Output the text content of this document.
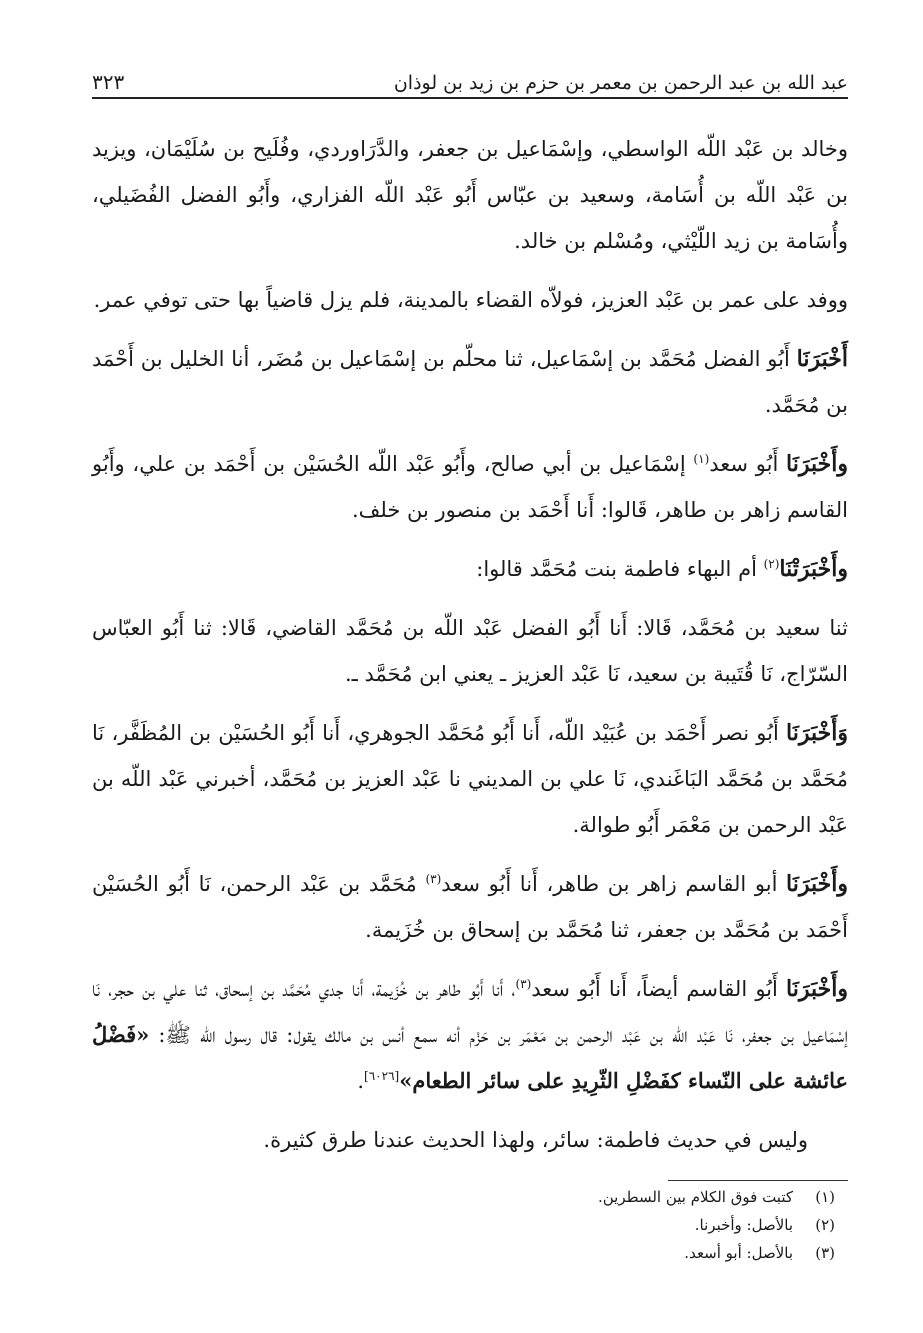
عبد الله بن عبد الرحمن بن معمر بن حزم بن زيد بن لوذان
٣٢٣

وخالد بن عَبْد اللّه الواسطي، وإسْمَاعيل بن جعفر، والدَّرَاوردي، وفُلَيح بن سُلَيْمَان، ويزيد بن عَبْد اللّه بن أُسَامة، وسعيد بن عبّاس أَبُو عَبْد اللّه الفزاري، وأَبُو الفضل الفُضَيلي، وأُسَامة بن زيد اللّيْثي، ومُسْلم بن خالد.

ووفد على عمر بن عَبْد العزيز، فولاّه القضاء بالمدينة، فلم يزل قاضياً بها حتى توفي عمر.

أَخْبَرَنَا أَبُو الفضل مُحَمَّد بن إسْمَاعيل، ثنا محلّم بن إسْمَاعيل بن مُضَر، أنا الخليل بن أَحْمَد بن مُحَمَّد.

وأَخْبَرَنَا أَبُو سعد$^{(١)}$ إسْمَاعيل بن أبي صالح، وأَبُو عَبْد اللّه الحُسَيْن بن أَحْمَد بن علي، وأَبُو القاسم زاهر بن طاهر، قَالوا: أَنا أَحْمَد بن منصور بن خلف.

وأَخْبَرَتْنَا$^{(٢)}$ أم البهاء فاطمة بنت مُحَمَّد قالوا:

ثنا سعيد بن مُحَمَّد، قَالا: أَنا أَبُو الفضل عَبْد اللّه بن مُحَمَّد القاضي، قَالا: ثنا أَبُو العبّاس السّرّاج، نَا قُتَيبة بن سعيد، نَا عَبْد العزيز ـ يعني ابن مُحَمَّد ـ.

وَأَخْبَرَنَا أَبُو نصر أَحْمَد بن عُبَيْد اللّه، أَنا أَبُو مُحَمَّد الجوهري، أَنا أَبُو الحُسَيْن بن المُظَفَّر، نَا مُحَمَّد بن مُحَمَّد البَاغَندي، نَا علي بن المديني نا عَبْد العزيز بن مُحَمَّد، أخبرني عَبْد اللّه بن عَبْد الرحمن بن مَعْمَر أَبُو طوالة.

وأَخْبَرَنَا أبو القاسم زاهر بن طاهر، أَنا أَبُو سعد$^{(٣)}$ مُحَمَّد بن عَبْد الرحمن، نَا أَبُو الحُسَيْن أَحْمَد بن مُحَمَّد بن جعفر، ثنا مُحَمَّد بن إسحاق بن خُزَيمة.

وأَخْبَرَنَا أَبُو القاسم أيضاً، أَنا أَبُو سعد$^{(٣)}$، أَنا أَبُو طاهر بن خُزَيمة، أَنا جدي مُحَمَّد بن إسحاق، ثنا علي بن حجر، نَا إسْمَاعيل بن جعفر، نَا عَبْد اللّه بن عَبْد الرحمن بن مَعْمَر بن حَزْم أنه سمع أنس بن مالك يقول: قال رسول اللّه ﷺ: «فَضْلُ عائشة على النّساء كفَضْلِ الثّرِيدِ على سائر الطعام»[٦٠٢٦].

وليس في حديث فاطمة: سائر، ولهذا الحديث عندنا طرق كثيرة.

(١)
كتبت فوق الكلام بين السطرين.
(٢)
بالأصل: وأخبرنا.
(٣)
بالأصل: أبو أسعد.
